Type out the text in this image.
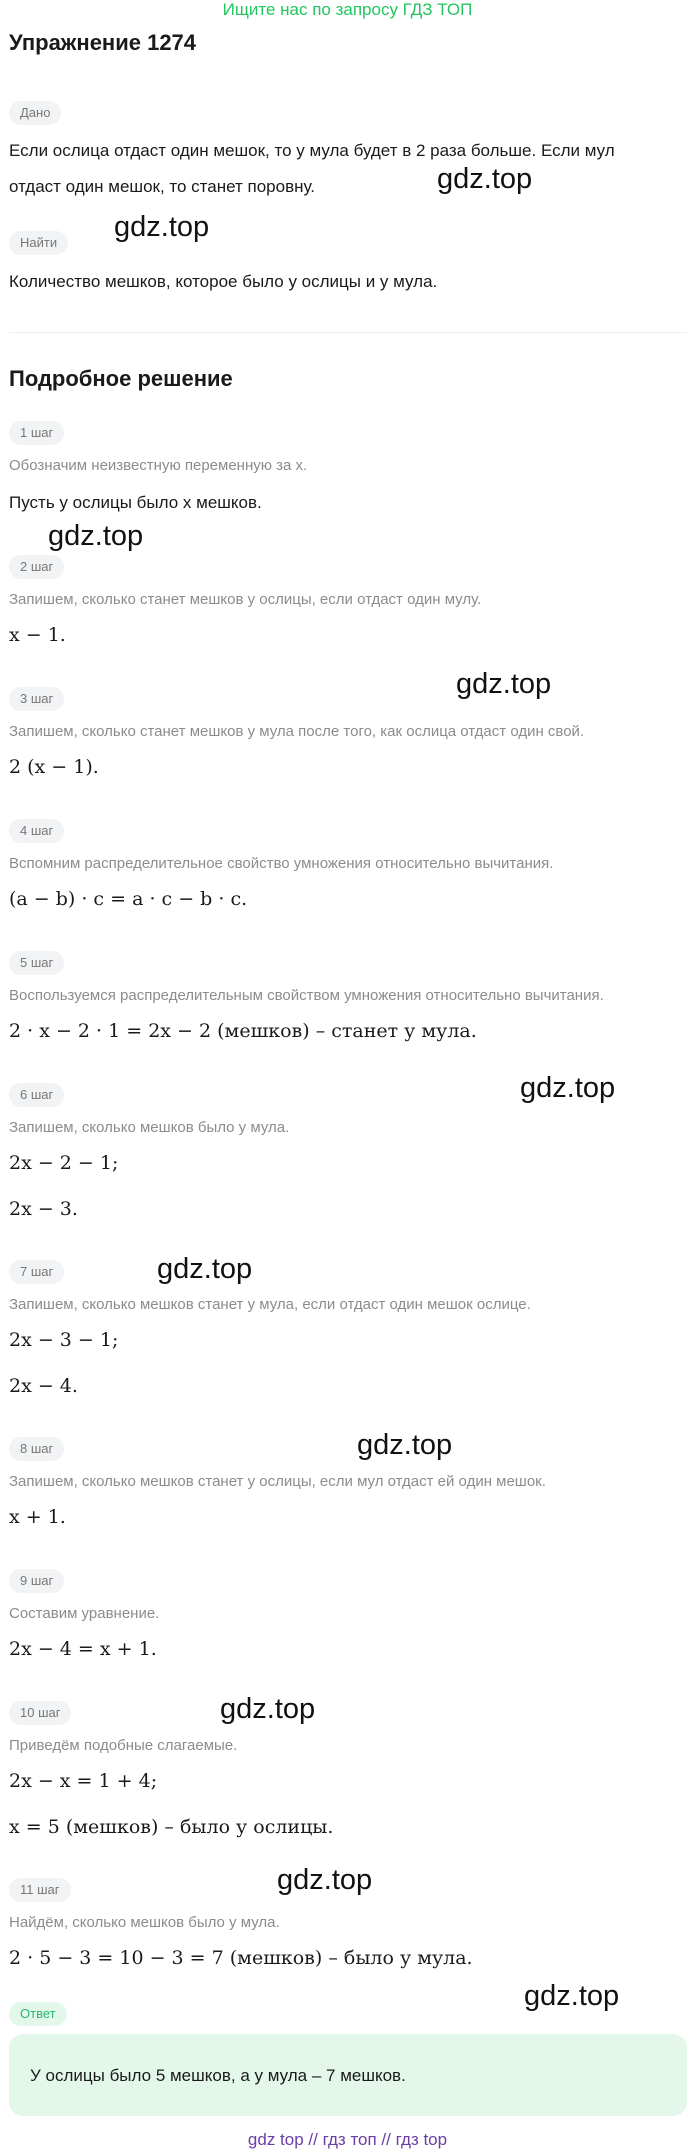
Ищите нас по запросу ГДЗ ТОП
Упражнение 1274
Дано
Если ослица отдаст один мешок, то у мула будет в 2 раза больше. Если мул
отдаст один мешок, то станет поровну.
Найти
Количество мешков, которое было у ослицы и у мула.
Подробное решение
1 шаг
Обозначим неизвестную переменную за x.
Пусть у ослицы было x мешков.
2 шаг
Запишем, сколько станет мешков у ослицы, если отдаст один мулу.
x − 1.
3 шаг
Запишем, сколько станет мешков у мула после того, как ослица отдаст один свой.
2 (x − 1).
4 шаг
Вспомним распределительное свойство умножения относительно вычитания.
(a − b) · c = a · c − b · c.
5 шаг
Воспользуемся распределительным свойством умножения относительно вычитания.
2 · x − 2 · 1 = 2x − 2 (мешков) – станет у мула.
6 шаг
Запишем, сколько мешков было у мула.
2x − 2 − 1;
2x − 3.
7 шаг
Запишем, сколько мешков станет у мула, если отдаст один мешок ослице.
2x − 3 − 1;
2x − 4.
8 шаг
Запишем, сколько мешков станет у ослицы, если мул отдаст ей один мешок.
x + 1.
9 шаг
Составим уравнение.
2x − 4 = x + 1.
10 шаг
Приведём подобные слагаемые.
2x − x = 1 + 4;
x = 5 (мешков) – было у ослицы.
11 шаг
Найдём, сколько мешков было у мула.
2 · 5 − 3 = 10 − 3 = 7 (мешков) – было у мула.
Ответ
У ослицы было 5 мешков, а у мула – 7 мешков.
gdz.top
gdz.top
gdz.top
gdz.top
gdz.top
gdz.top
gdz.top
gdz.top
gdz.top
gdz.top
gdz top // гдз топ // гдз top
